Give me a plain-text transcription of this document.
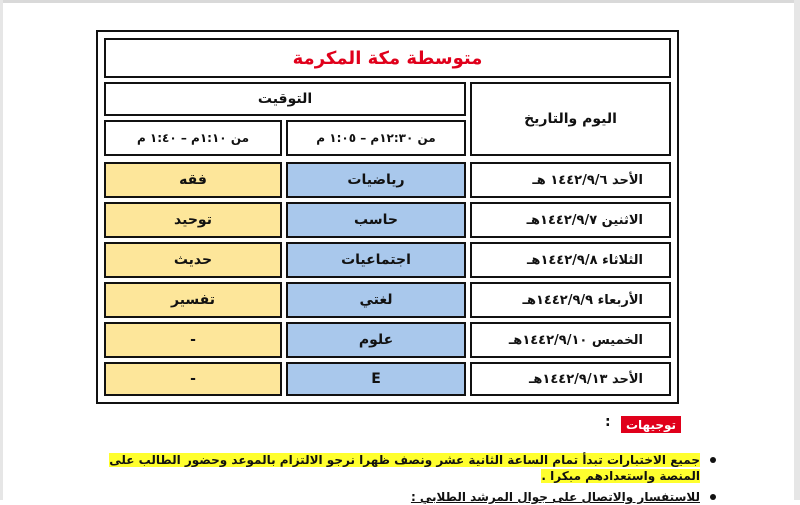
متوسطة مكة المكرمة
التوقيت
اليوم والتاريخ
من ١:١٠م – ١:٤٠ م	من ١٢:٣٠م – ١:٠٥ م
فقه	رياضيات	الأحد ١٤٤٢/٩/٦ هـ
توحيد	حاسب	الاثنين ١٤٤٢/٩/٧هـ
حديث	اجتماعيات	الثلاثاء ١٤٤٢/٩/٨هـ
تفسير	لغتي	الأربعاء ١٤٤٢/٩/٩هـ
-	علوم	الخميس ١٤٤٢/٩/١٠هـ
-	E	الأحد ١٤٤٢/٩/١٣هـ
:	توجيهات
جميع الاختبارات تبدأ تمام الساعة الثانية عشر ونصف ظهرا نرجو الالتزام بالموعد وحضور الطالب على المنصة واستعدادهم مبكرا .
للاستفسار والاتصال على جوال المرشد الطلابي :
